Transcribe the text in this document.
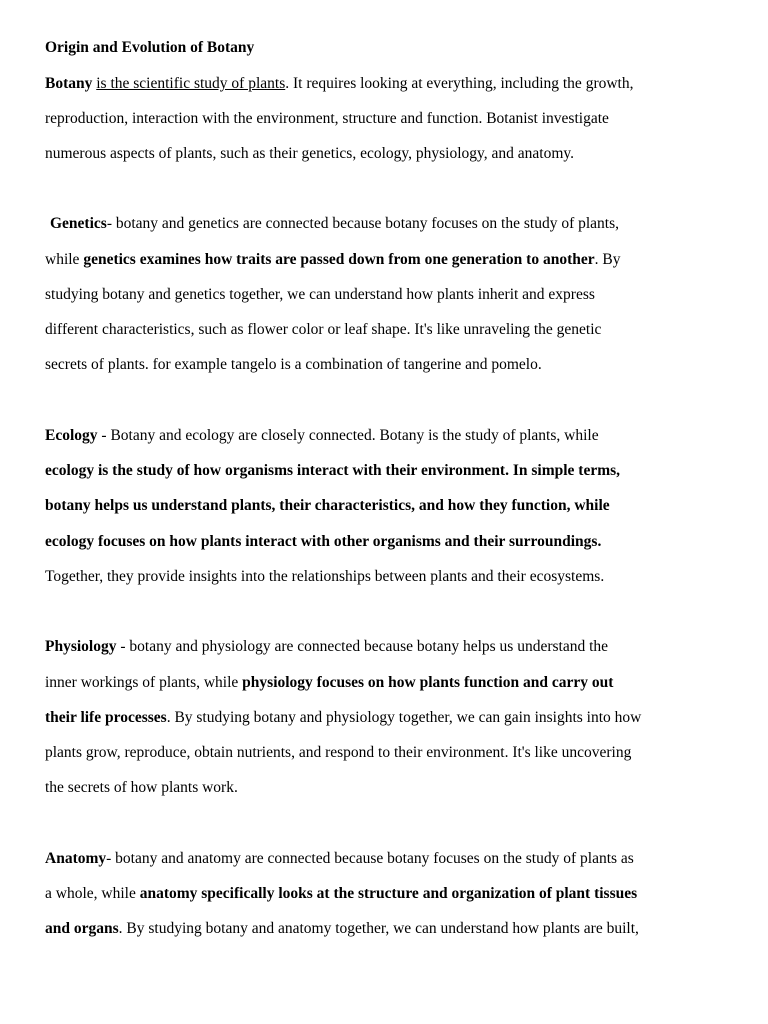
Origin and Evolution of Botany
Botany is the scientific study of plants. It requires looking at everything, including the growth,
reproduction, interaction with the environment, structure and function. Botanist investigate
numerous aspects of plants, such as their genetics, ecology, physiology, and anatomy.
Genetics- botany and genetics are connected because botany focuses on the study of plants,
while genetics examines how traits are passed down from one generation to another. By
studying botany and genetics together, we can understand how plants inherit and express
different characteristics, such as flower color or leaf shape. It's like unraveling the genetic
secrets of plants. for example tangelo is a combination of tangerine and pomelo.
Ecology - Botany and ecology are closely connected. Botany is the study of plants, while
ecology is the study of how organisms interact with their environment. In simple terms,
botany helps us understand plants, their characteristics, and how they function, while
ecology focuses on how plants interact with other organisms and their surroundings.
Together, they provide insights into the relationships between plants and their ecosystems.
Physiology - botany and physiology are connected because botany helps us understand the
inner workings of plants, while physiology focuses on how plants function and carry out
their life processes. By studying botany and physiology together, we can gain insights into how
plants grow, reproduce, obtain nutrients, and respond to their environment. It's like uncovering
the secrets of how plants work.
Anatomy- botany and anatomy are connected because botany focuses on the study of plants as
a whole, while anatomy specifically looks at the structure and organization of plant tissues
and organs. By studying botany and anatomy together, we can understand how plants are built,
